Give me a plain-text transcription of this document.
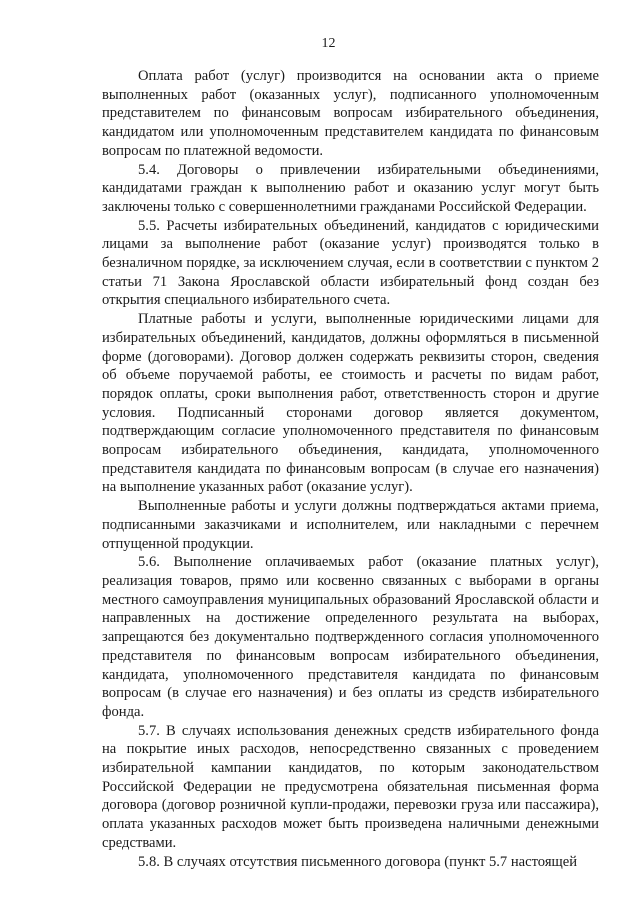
12

Оплата работ (услуг) производится на основании акта о приеме выполненных работ (оказанных услуг), подписанного уполномоченным представителем по финансовым вопросам избирательного объединения, кандидатом или уполномоченным представителем кандидата по финансовым вопросам по платежной ведомости.

5.4. Договоры о привлечении избирательными объединениями, кандидатами граждан к выполнению работ и оказанию услуг могут быть заключены только с совершеннолетними гражданами Российской Федерации.

5.5. Расчеты избирательных объединений, кандидатов с юридическими лицами за выполнение работ (оказание услуг) производятся только в безналичном порядке, за исключением случая, если в соответствии с пунктом 2 статьи 71 Закона Ярославской области избирательный фонд создан без открытия специального избирательного счета.

Платные работы и услуги, выполненные юридическими лицами для избирательных объединений, кандидатов, должны оформляться в письменной форме (договорами). Договор должен содержать реквизиты сторон, сведения об объеме поручаемой работы, ее стоимость и расчеты по видам работ, порядок оплаты, сроки выполнения работ, ответственность сторон и другие условия. Подписанный сторонами договор является документом, подтверждающим согласие уполномоченного представителя по финансовым вопросам избирательного объединения, кандидата, уполномоченного представителя кандидата по финансовым вопросам (в случае его назначения) на выполнение указанных работ (оказание услуг).

Выполненные работы и услуги должны подтверждаться актами приема, подписанными заказчиками и исполнителем, или накладными с перечнем отпущенной продукции.

5.6. Выполнение оплачиваемых работ (оказание платных услуг), реализация товаров, прямо или косвенно связанных с выборами в органы местного самоуправления муниципальных образований Ярославской области и направленных на достижение определенного результата на выборах, запрещаются без документально подтвержденного согласия уполномоченного представителя по финансовым вопросам избирательного объединения, кандидата, уполномоченного представителя кандидата по финансовым вопросам (в случае его назначения) и без оплаты из средств избирательного фонда.

5.7. В случаях использования денежных средств избирательного фонда на покрытие иных расходов, непосредственно связанных с проведением избирательной кампании кандидатов, по которым законодательством Российской Федерации не предусмотрена обязательная письменная форма договора (договор розничной купли-продажи, перевозки груза или пассажира), оплата указанных расходов может быть произведена наличными денежными средствами.

5.8. В случаях отсутствия письменного договора (пункт 5.7 настоящей
